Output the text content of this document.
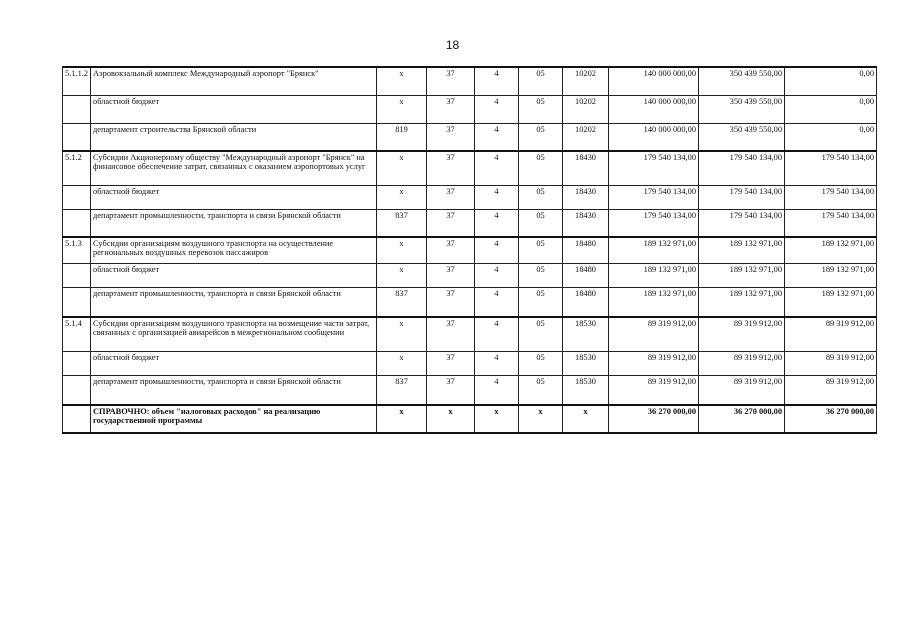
18
5.1.1.2	Аэровокзальный комплекс Международный аэропорт "Брянск"	х	37	4	05	10202	140 000 000,00	350 439 550,00	0,00
	областной бюджет	х	37	4	05	10202	140 000 000,00	350 439 550,00	0,00
	департамент строительства Брянской области	819	37	4	05	10202	140 000 000,00	350 439 550,00	0,00
5.1.2	Субсидии Акционерному обществу "Международный аэропорт "Брянск" на финансовое обеспечение затрат, связанных с оказанием аэропортовых услуг	х	37	4	05	18430	179 540 134,00	179 540 134,00	179 540 134,00
	областной бюджет	х	37	4	05	18430	179 540 134,00	179 540 134,00	179 540 134,00
	департамент промышленности, транспорта и связи Брянской области	837	37	4	05	18430	179 540 134,00	179 540 134,00	179 540 134,00
5.1.3	Субсидии организациям воздушного транспорта на осуществление региональных воздушных перевозок пассажиров	х	37	4	05	18480	189 132 971,00	189 132 971,00	189 132 971,00
	областной бюджет	х	37	4	05	18480	189 132 971,00	189 132 971,00	189 132 971,00
	департамент промышленности, транспорта и связи Брянской области	837	37	4	05	18480	189 132 971,00	189 132 971,00	189 132 971,00
5.1.4	Субсидии организациям воздушного транспорта на возмещение части затрат, связанных с организацией авиарейсов в межрегиональном сообщении	х	37	4	05	18530	89 319 912,00	89 319 912,00	89 319 912,00
	областной бюджет	х	37	4	05	18530	89 319 912,00	89 319 912,00	89 319 912,00
	департамент промышленности, транспорта и связи Брянской области	837	37	4	05	18530	89 319 912,00	89 319 912,00	89 319 912,00
	СПРАВОЧНО: объем "налоговых расходов" на реализацию государственной программы	х	х	х	х	х	36 270 000,00	36 270 000,00	36 270 000,00
